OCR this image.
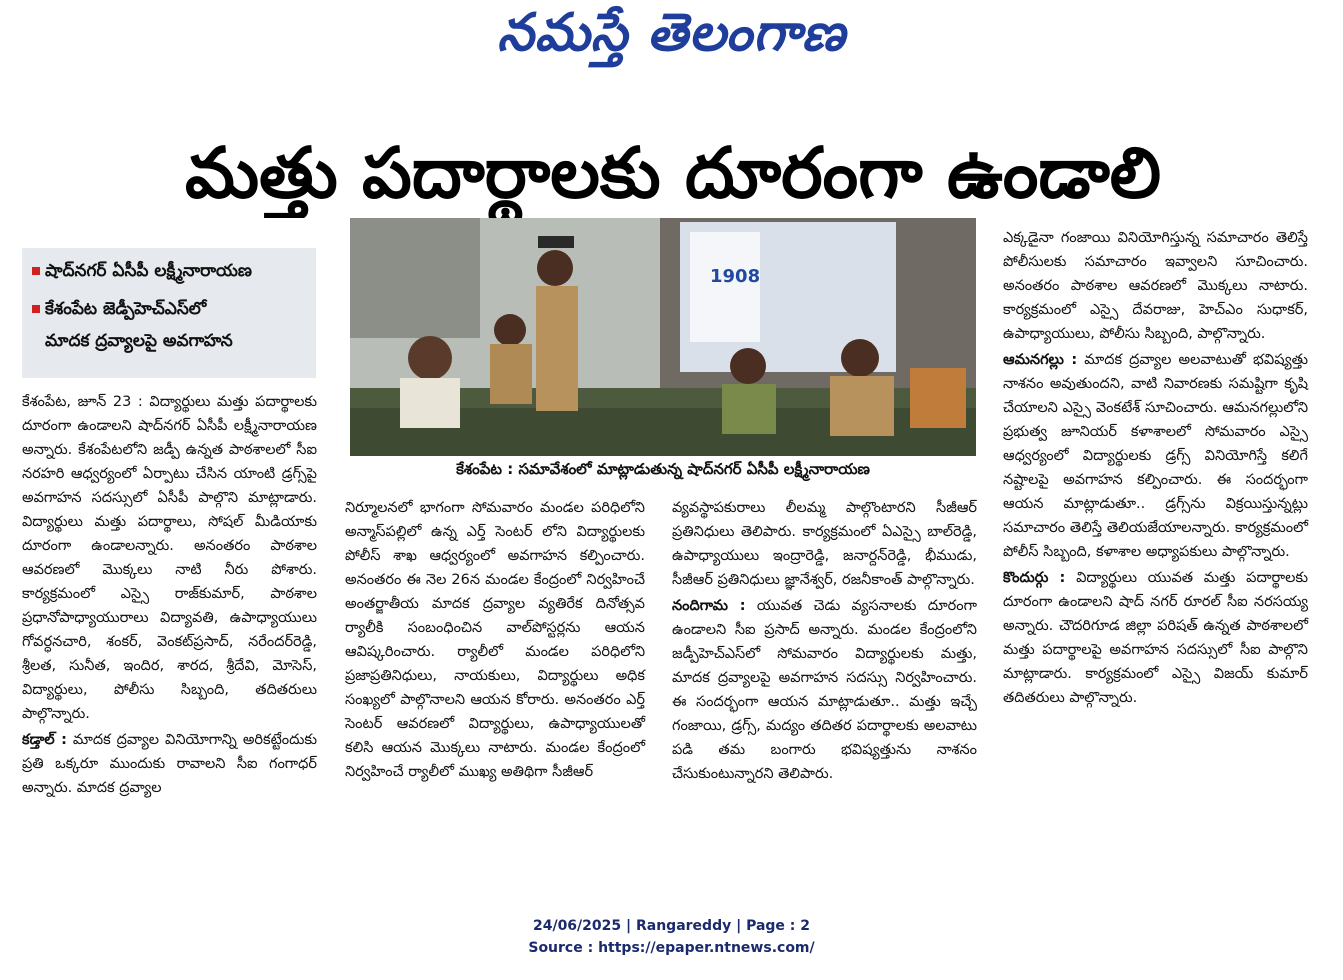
నమస్తే తెలంగాణ
మత్తు పదార్థాలకు దూరంగా ఉండాలి
షాద్‌నగర్ ఏసీపీ లక్ష్మీనారాయణ
కేశంపేట జెడ్పీహెచ్ఎస్‌లో
మాదక ద్రవ్యాలపై అవగాహన
1908
కేశంపేట : సమావేశంలో మాట్లాడుతున్న షాద్‌నగర్ ఏసీపీ లక్ష్మీనారాయణ

కేశంపేట, జూన్ 23 : విద్యార్థులు మత్తు పదార్థాలకు దూరంగా ఉండాలని షాద్‌నగర్ ఏసీపీ లక్ష్మీనారాయణ అన్నారు. కేశంపేటలోని జడ్పీ ఉన్నత పాఠశాలలో సీఐ నరహరి ఆధ్వర్యంలో ఏర్పాటు చేసిన యాంటి డ్రగ్స్‌పై అవగాహన సదస్సులో ఏసీపీ పాల్గొని మాట్లాడారు. విద్యార్థులు మత్తు పదార్థాలు, సోషల్ మీడియాకు దూరంగా ఉండాలన్నారు. అనంతరం పాఠశాల ఆవరణలో మొక్కలు నాటి నీరు పోశారు. కార్యక్రమంలో ఎస్సై రాజ్‌కుమార్, పాఠశాల ప్రధానోపాధ్యాయురాలు విద్యావతి, ఉపాధ్యాయులు గోవర్ధనచారి, శంకర్, వెంకట్‌ప్రసాద్, నరేందర్‌రెడ్డి, శ్రీలత, సునీత, ఇందిర, శారద, శ్రీదేవి, మోసెస్, విద్యార్థులు, పోలీసు సిబ్బంది, తదితరులు పాల్గొన్నారు.

కడ్తాల్ : మాదక ద్రవ్యాల వినియోగాన్ని అరికట్టేందుకు ప్రతి ఒక్కరూ ముందుకు రావాలని సీఐ గంగాధర్ అన్నారు. మాదక ద్రవ్యాల

నిర్మూలనలో భాగంగా సోమవారం మండల పరిధిలోని అన్మాస్‌పల్లిలో ఉన్న ఎర్త్ సెంటర్ లోని విద్యార్థులకు పోలీస్ శాఖ ఆధ్వర్యంలో అవగాహన కల్పించారు. అనంతరం ఈ నెల 26న మండల కేంద్రంలో నిర్వహించే అంతర్జాతీయ మాదక ద్రవ్యాల వ్యతిరేక దినోత్సవ ర్యాలీకి సంబంధించిన వాల్‌పోస్టర్లను ఆయన ఆవిష్కరించారు. ర్యాలీలో మండల పరిధిలోని ప్రజాప్రతినిధులు, నాయకులు, విద్యార్థులు అధిక సంఖ్యలో పాల్గొనాలని ఆయన కోరారు. అనంతరం ఎర్త్ సెంటర్ ఆవరణలో విద్యార్థులు, ఉపాధ్యాయులతో కలిసి ఆయన మొక్కలు నాటారు. మండల కేంద్రంలో నిర్వహించే ర్యాలీలో ముఖ్య అతిథిగా సీజీఆర్

వ్యవస్థాపకురాలు లీలమ్మ పాల్గొంటారని సీజీఆర్ ప్రతినిధులు తెలిపారు. కార్యక్రమంలో ఏఎస్సై బాల్‌రెడ్డి, ఉపాధ్యాయులు ఇంద్రారెడ్డి, జనార్దన్‌రెడ్డి, భీముడు, సీజీఆర్ ప్రతినిధులు జ్ఞానేశ్వర్, రజనీకాంత్ పాల్గొన్నారు.

నందిగామ : యువత చెడు వ్యసనాలకు దూరంగా ఉండాలని సీఐ ప్రసాద్ అన్నారు. మండల కేంద్రంలోని జడ్పీహెచ్ఎస్‌లో సోమవారం విద్యార్థులకు మత్తు, మాదక ద్రవ్యాలపై అవగాహన సదస్సు నిర్వహించారు. ఈ సందర్భంగా ఆయన మాట్లాడుతూ.. మత్తు ఇచ్చే గంజాయి, డ్రగ్స్, మద్యం తదితర పదార్థాలకు అలవాటు పడి తమ బంగారు భవిష్యత్తును నాశనం చేసుకుంటున్నారని తెలిపారు.

ఎక్కడైనా గంజాయి వినియోగిస్తున్న సమాచారం తెలిస్తే పోలీసులకు సమాచారం ఇవ్వాలని సూచించారు. అనంతరం పాఠశాల ఆవరణలో మొక్కలు నాటారు. కార్యక్రమంలో ఎస్సై దేవరాజు, హెచ్ఎం సుధాకర్, ఉపాధ్యాయులు, పోలీసు సిబ్బంది, పాల్గొన్నారు.

ఆమనగల్లు : మాదక ద్రవ్యాల అలవాటుతో భవిష్యత్తు నాశనం అవుతుందని, వాటి నివారణకు సమష్టిగా కృషి చేయాలని ఎస్సై వెంకటేశ్ సూచించారు. ఆమనగల్లులోని ప్రభుత్వ జూనియర్ కళాశాలలో సోమవారం ఎస్సై ఆధ్వర్యంలో విద్యార్థులకు డ్రగ్స్ వినియోగిస్తే కలిగే నష్టాలపై అవగాహన కల్పించారు. ఈ సందర్భంగా ఆయన మాట్లాడుతూ.. డ్రగ్స్‌ను విక్రయిస్తున్నట్లు సమాచారం తెలిస్తే తెలియజేయాలన్నారు. కార్యక్రమంలో పోలీస్ సిబ్బంది, కళాశాల అధ్యాపకులు పాల్గొన్నారు.

కొందుర్గు : విద్యార్థులు యువత మత్తు పదార్థాలకు దూరంగా ఉండాలని షాద్ నగర్ రూరల్ సీఐ నరసయ్య అన్నారు. చౌదరిగూడ జిల్లా పరిషత్ ఉన్నత పాఠశాలలో మత్తు పదార్థాలపై అవగాహన సదస్సులో సీఐ పాల్గొని మాట్లాడారు. కార్యక్రమంలో ఎస్సై విజయ్ కుమార్ తదితరులు పాల్గొన్నారు.

24/06/2025 | Rangareddy | Page : 2
Source : https://epaper.ntnews.com/
